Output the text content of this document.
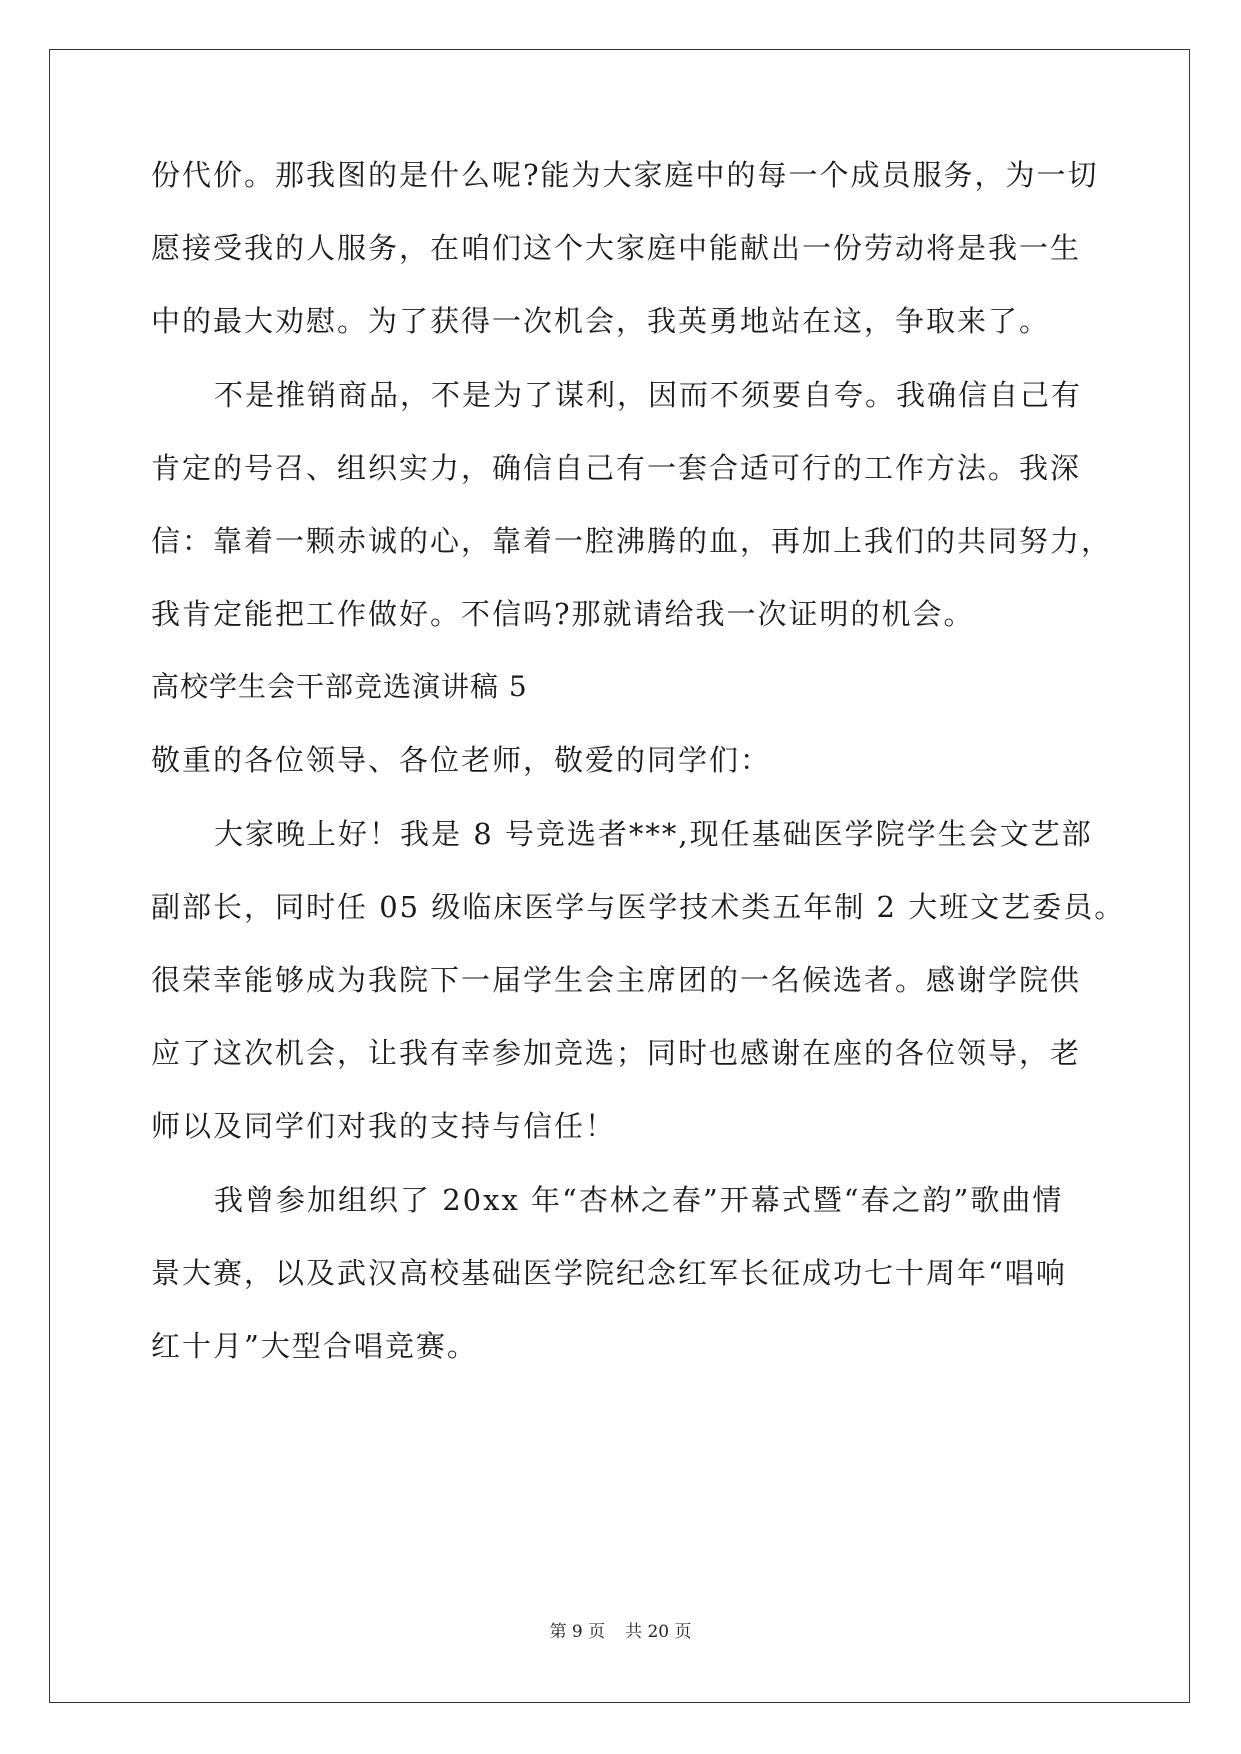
份代价。那我图的是什么呢?能为大家庭中的每一个成员服务，为一切
愿接受我的人服务，在咱们这个大家庭中能献出一份劳动将是我一生
中的最大劝慰。为了获得一次机会，我英勇地站在这，争取来了。
不是推销商品，不是为了谋利，因而不须要自夸。我确信自己有
肯定的号召、组织实力，确信自己有一套合适可行的工作方法。我深
信：靠着一颗赤诚的心，靠着一腔沸腾的血，再加上我们的共同努力，
我肯定能把工作做好。不信吗?那就请给我一次证明的机会。
高校学生会干部竞选演讲稿 5
敬重的各位领导、各位老师，敬爱的同学们：
大家晚上好！我是 8 号竞选者***,现任基础医学院学生会文艺部
副部长，同时任 05 级临床医学与医学技术类五年制 2 大班文艺委员。
很荣幸能够成为我院下一届学生会主席团的一名候选者。感谢学院供
应了这次机会，让我有幸参加竞选；同时也感谢在座的各位领导，老
师以及同学们对我的支持与信任！
我曾参加组织了 20xx 年“杏林之春”开幕式暨“春之韵”歌曲情
景大赛，以及武汉高校基础医学院纪念红军长征成功七十周年“唱响
红十月”大型合唱竞赛。
第 9 页 共 20 页
